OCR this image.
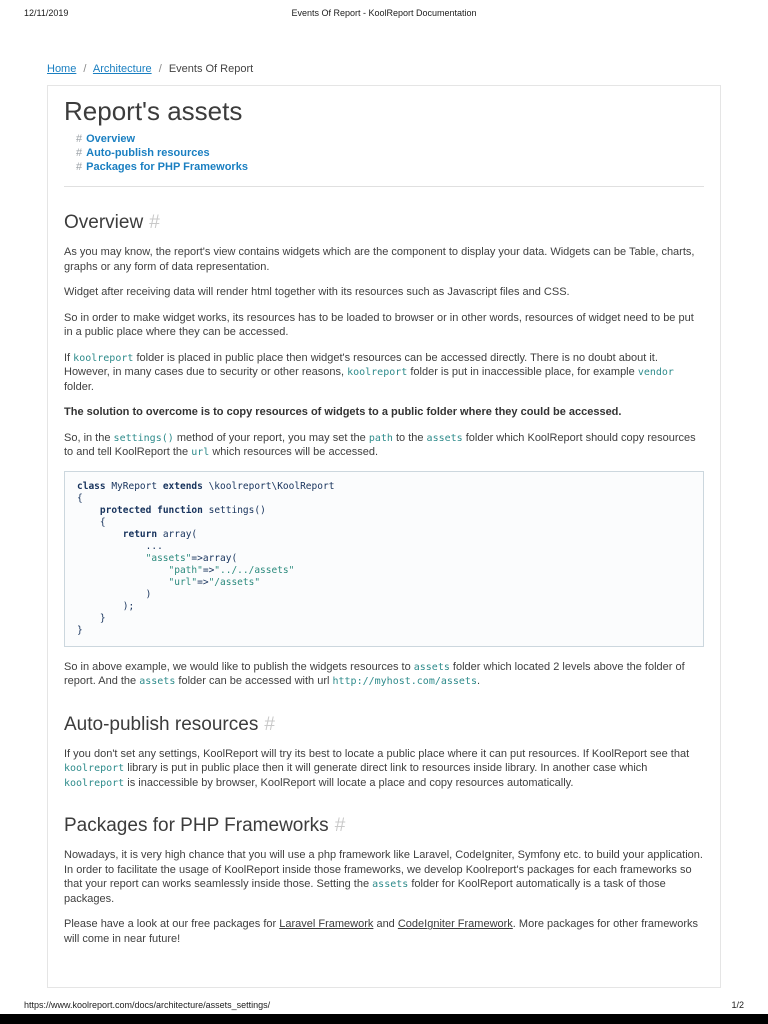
12/11/2019	Events Of Report - KoolReport Documentation
Home / Architecture / Events Of Report
Report's assets
# Overview
# Auto-publish resources
# Packages for PHP Frameworks
Overview #

As you may know, the report's view contains widgets which are the component to display your data. Widgets can be Table, charts, graphs or any form of data representation.

Widget after receiving data will render html together with its resources such as Javascript files and CSS.

So in order to make widget works, its resources has to be loaded to browser or in other words, resources of widget need to be put in a public place where they can be accessed.

If koolreport folder is placed in public place then widget's resources can be accessed directly. There is no doubt about it. However, in many cases due to security or other reasons, koolreport folder is put in inaccessible place, for example vendor folder.

The solution to overcome is to copy resources of widgets to a public folder where they could be accessed.

So, in the settings() method of your report, you may set the path to the assets folder which KoolReport should copy resources to and tell KoolReport the url which resources will be accessed.

class MyReport extends \koolreport\KoolReport
{
protected function settings()
{
return array(
...
"assets"=>array(
"path"=>"../../assets"
"url"=>"/assets"
)
);
}
}

So in above example, we would like to publish the widgets resources to assets folder which located 2 levels above the folder of report. And the assets folder can be accessed with url http://myhost.com/assets.

Auto-publish resources #

If you don't set any settings, KoolReport will try its best to locate a public place where it can put resources. If KoolReport see that koolreport library is put in public place then it will generate direct link to resources inside library. In another case which koolreport is inaccessible by browser, KoolReport will locate a place and copy resources automatically.

Packages for PHP Frameworks #

Nowadays, it is very high chance that you will use a php framework like Laravel, CodeIgniter, Symfony etc. to build your application. In order to facilitate the usage of KoolReport inside those frameworks, we develop Koolreport's packages for each frameworks so that your report can works seamlessly inside those. Setting the assets folder for KoolReport automatically is a task of those packages.

Please have a look at our free packages for Laravel Framework and CodeIgniter Framework. More packages for other frameworks will come in near future!

https://www.koolreport.com/docs/architecture/assets_settings/	1/2
